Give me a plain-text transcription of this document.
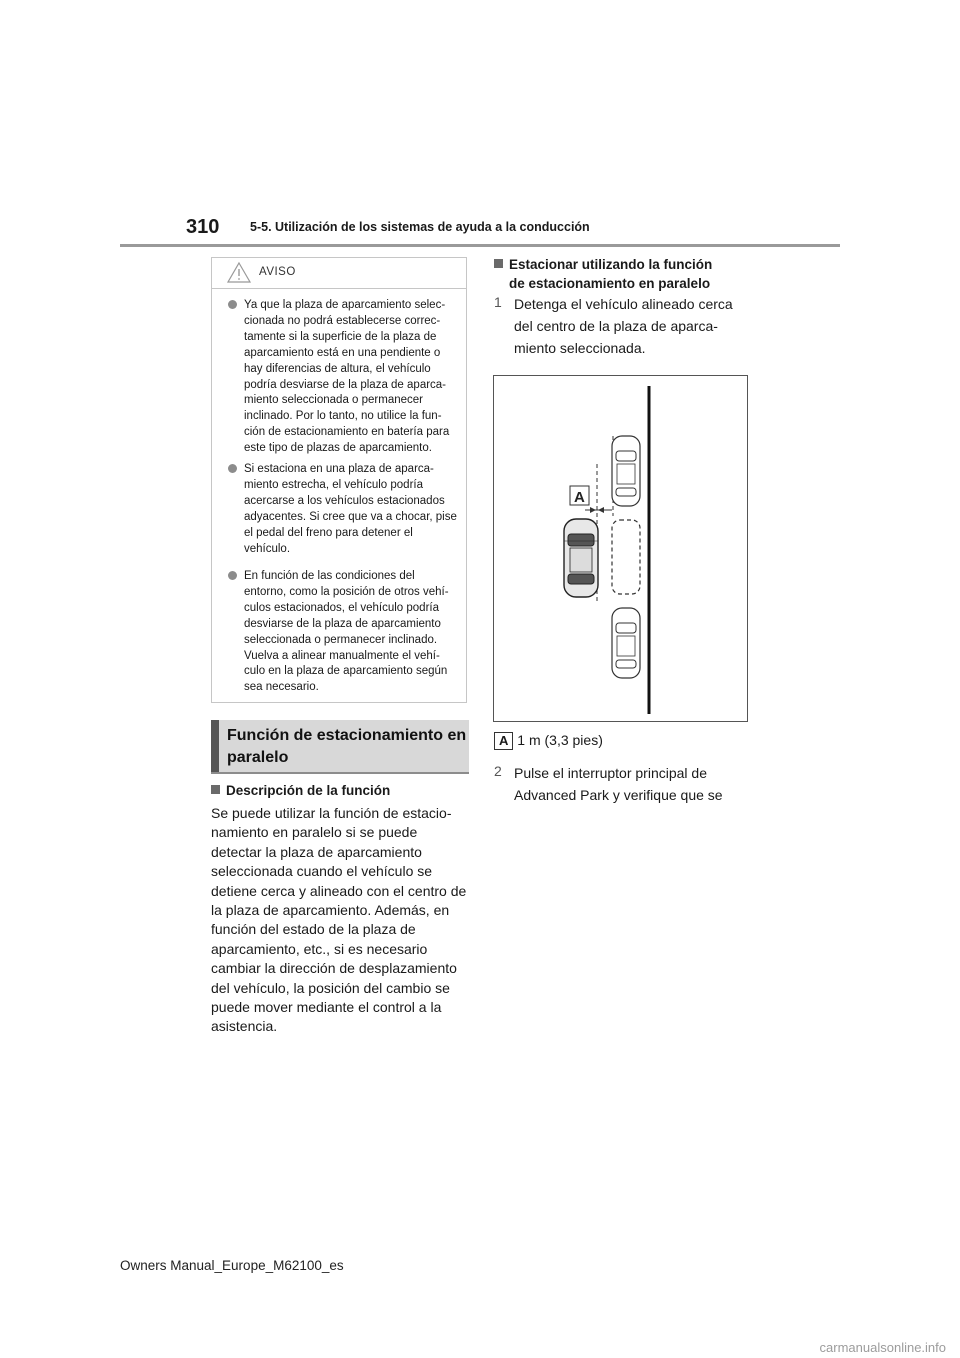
310 5-5. Utilización de los sistemas de ayuda a la conducción
AVISO
Ya que la plaza de aparcamiento selec-cionada no podrá establecerse correc-tamente si la superficie de la plaza de aparcamiento está en una pendiente o hay diferencias de altura, el vehículo podría desviarse de la plaza de aparca-miento seleccionada o permanecer inclinado. Por lo tanto, no utilice la fun-ción de estacionamiento en batería para este tipo de plazas de aparcamiento.
Si estaciona en una plaza de aparca-miento estrecha, el vehículo podría acercarse a los vehículos estacionados adyacentes. Si cree que va a chocar, pise el pedal del freno para detener el vehículo.
En función de las condiciones del entorno, como la posición de otros vehí-culos estacionados, el vehículo podría desviarse de la plaza de aparcamiento seleccionada o permanecer inclinado. Vuelva a alinear manualmente el vehí-culo en la plaza de aparcamiento según sea necesario.
Función de estacionamiento en paralelo
Descripción de la función
Se puede utilizar la función de estacio-namiento en paralelo si se puede detectar la plaza de aparcamiento seleccionada cuando el vehículo se detiene cerca y alineado con el centro de la plaza de aparcamiento. Además, en función del estado de la plaza de aparcamiento, etc., si es necesario cambiar la dirección de desplazamiento del vehículo, la posición del cambio se puede mover mediante el control a la asistencia.
Estacionar utilizando la función
de estacionamiento en paralelo
1 Detenga el vehículo alineado cerca del centro de la plaza de aparca-miento seleccionada.
A
A 1 m (3,3 pies)
2 Pulse el interruptor principal de Advanced Park y verifique que se
Owners Manual_Europe_M62100_es
carmanualsonline.info
